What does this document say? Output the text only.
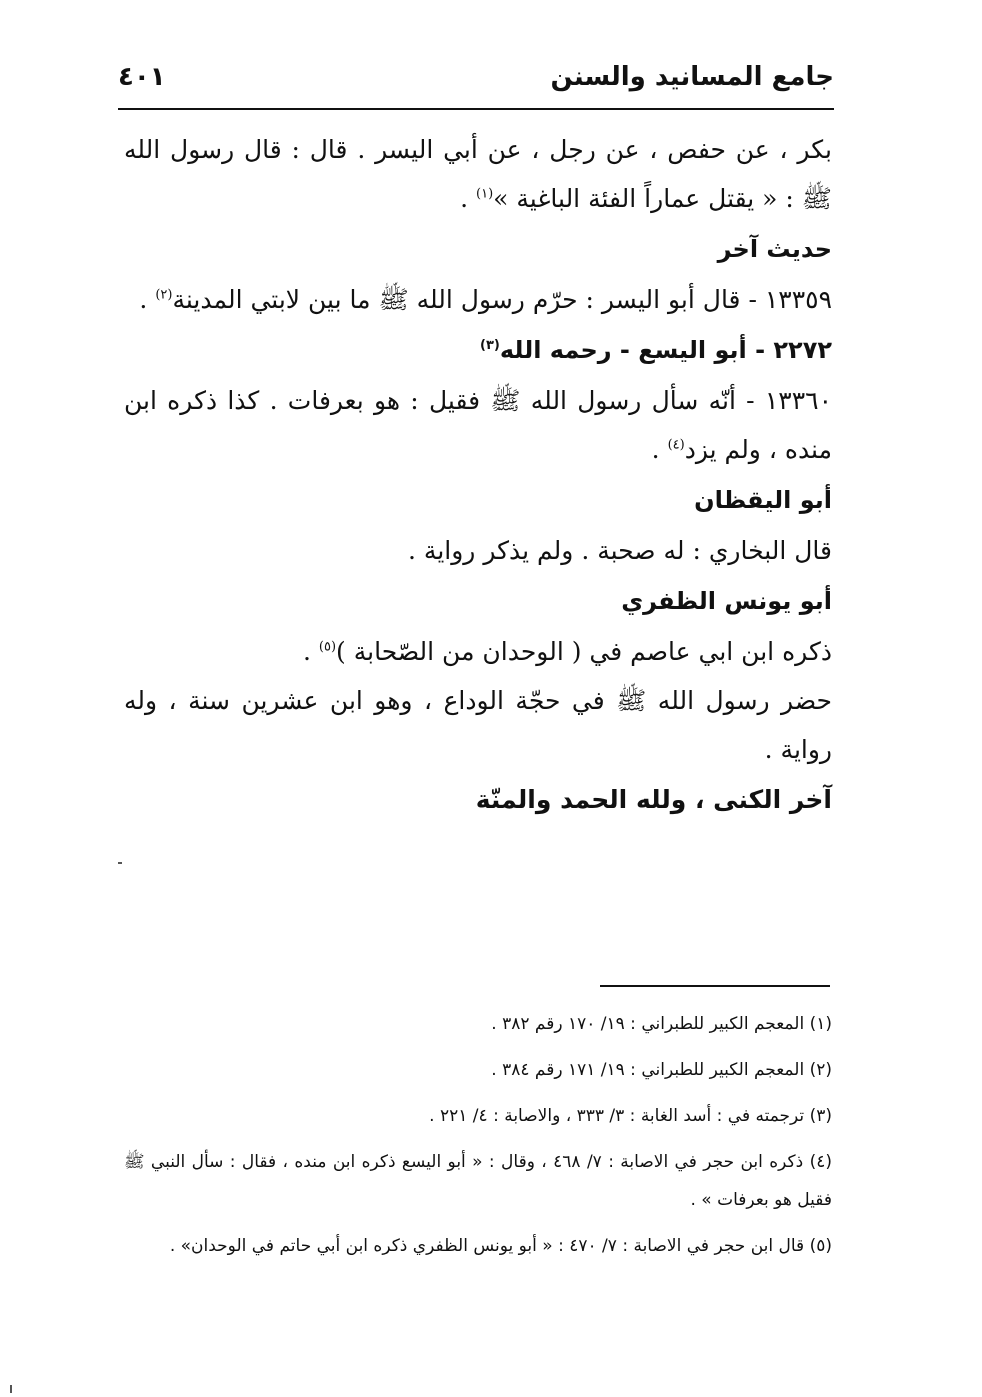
جامع المسانيد والسنن
٤٠١

بكر ، عن حفص ، عن رجل ، عن أبي اليسر . قال : قال رسول الله ﷺ : « يقتل عماراً الفئة الباغية »$^{(١)}$ .

حديث آخر

١٣٣٥٩ - قال أبو اليسر : حرّم رسول الله ﷺ ما بين لابتي المدينة$^{(٢)}$ .

٢٢٧٢ - أبو اليسع - رحمه الله$^{(٣)}$

١٣٣٦٠ - أنّه سأل رسول الله ﷺ فقيل : هو بعرفات . كذا ذكره ابن منده ، ولم يزد$^{(٤)}$ .

أبو اليقظان

قال البخاري : له صحبة . ولم يذكر رواية .

أبو يونس الظفري

ذكره ابن ابي عاصم في ( الوحدان من الصّحابة )$^{(٥)}$ .

حضر رسول الله ﷺ في حجّة الوداع ، وهو ابن عشرين سنة ، وله رواية .

آخر الكنى ، ولله الحمد والمنّة

(١) المعجم الكبير للطبراني : ١٩/ ١٧٠ رقم ٣٨٢ .

(٢) المعجم الكبير للطبراني : ١٩/ ١٧١ رقم ٣٨٤ .

(٣) ترجمته في : أسد الغابة : ٣/ ٣٣٣ ، والاصابة : ٤/ ٢٢١ .

(٤) ذكره ابن حجر في الاصابة : ٧/ ٤٦٨ ، وقال : « أبو اليسع ذكره ابن منده ، فقال : سأل النبي ﷺ فقيل هو بعرفات » .

(٥) قال ابن حجر في الاصابة : ٧/ ٤٧٠ : « أبو يونس الظفري ذكره ابن أبي حاتم في الوحدان» .
